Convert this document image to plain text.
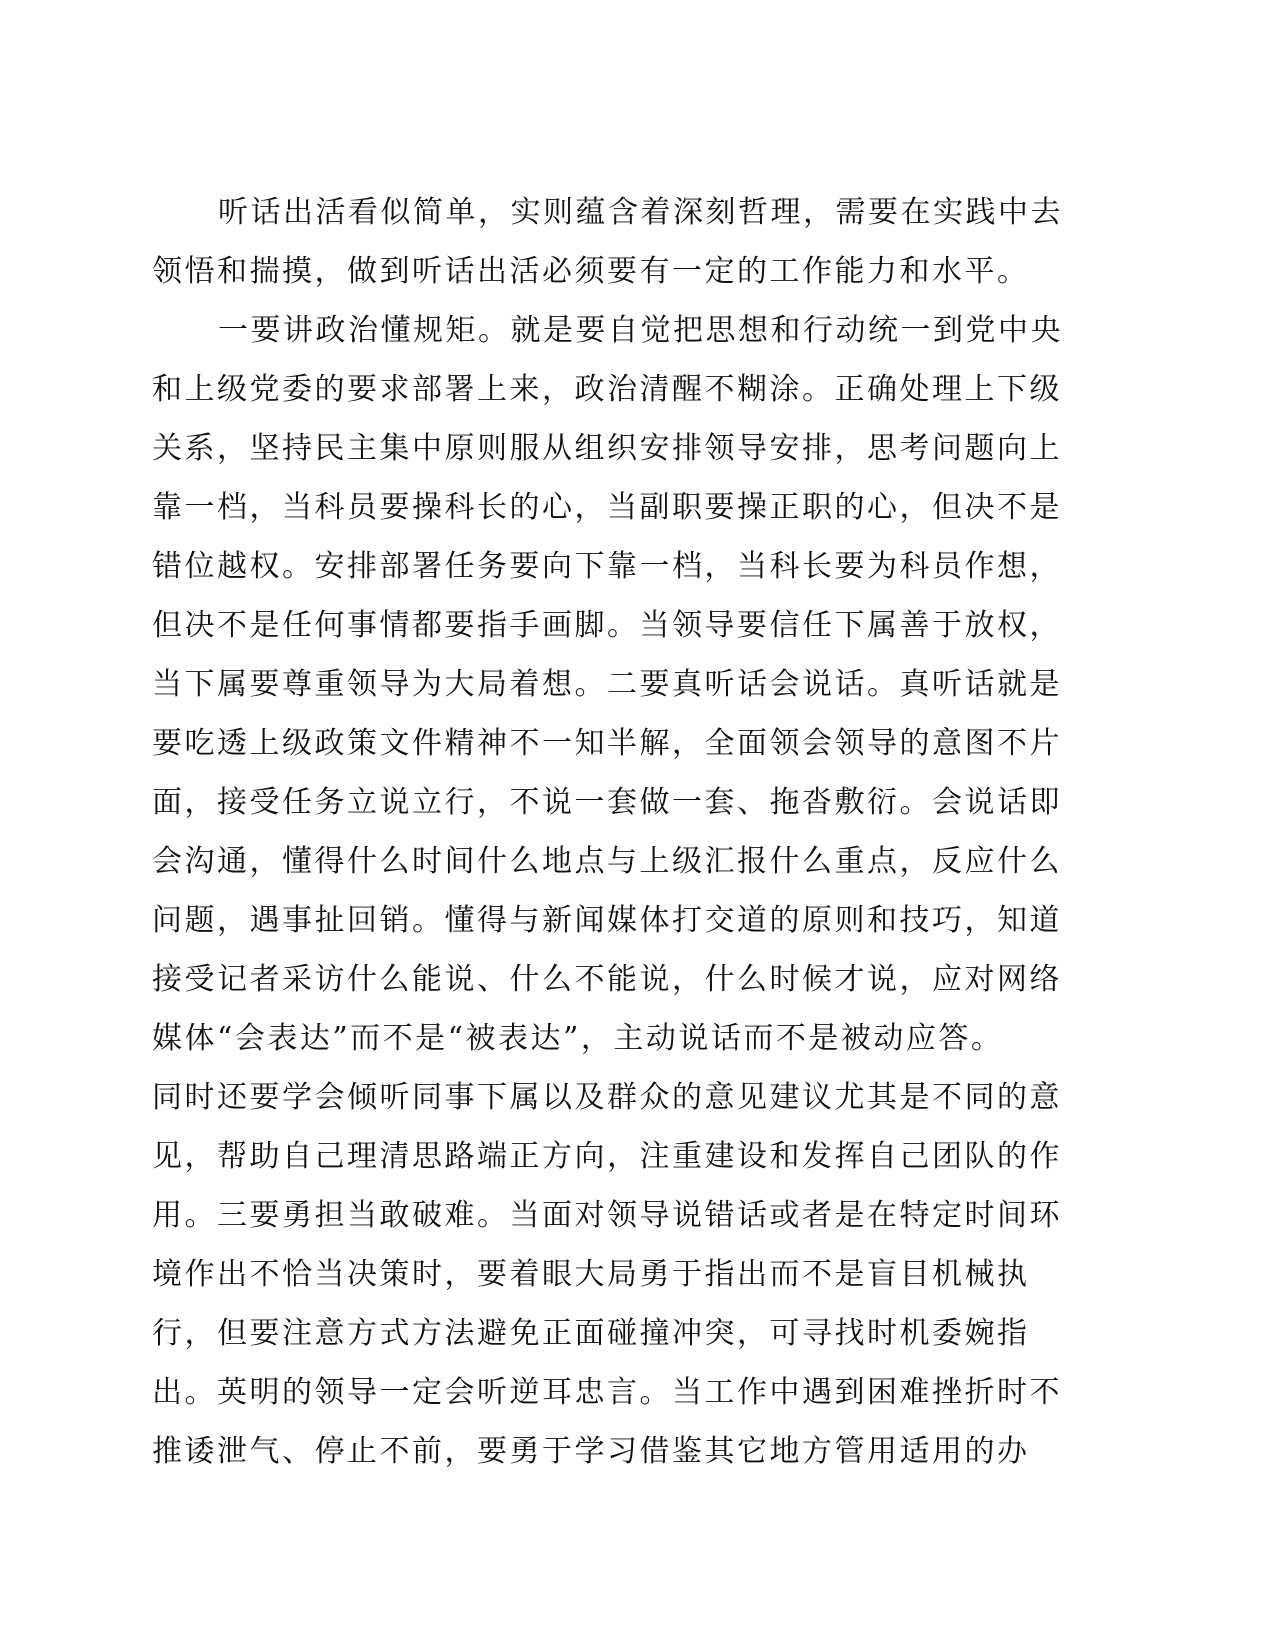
听话出活看似简单，实则蕴含着深刻哲理，需要在实践中去
领悟和揣摸，做到听话出活必须要有一定的工作能力和水平。
一要讲政治懂规矩。就是要自觉把思想和行动统一到党中央
和上级党委的要求部署上来，政治清醒不糊涂。正确处理上下级
关系，坚持民主集中原则服从组织安排领导安排，思考问题向上
靠一档，当科员要操科长的心，当副职要操正职的心，但决不是
错位越权。安排部署任务要向下靠一档，当科长要为科员作想，
但决不是任何事情都要指手画脚。当领导要信任下属善于放权，
当下属要尊重领导为大局着想。二要真听话会说话。真听话就是
要吃透上级政策文件精神不一知半解，全面领会领导的意图不片
面，接受任务立说立行，不说一套做一套、拖沓敷衍。会说话即
会沟通，懂得什么时间什么地点与上级汇报什么重点，反应什么
问题，遇事扯回销。懂得与新闻媒体打交道的原则和技巧，知道
接受记者采访什么能说、什么不能说，什么时候才说，应对网络
媒体“会表达”而不是“被表达”，主动说话而不是被动应答。
同时还要学会倾听同事下属以及群众的意见建议尤其是不同的意
见，帮助自己理清思路端正方向，注重建设和发挥自己团队的作
用。三要勇担当敢破难。当面对领导说错话或者是在特定时间环
境作出不恰当决策时，要着眼大局勇于指出而不是盲目机械执
行，但要注意方式方法避免正面碰撞冲突，可寻找时机委婉指
出。英明的领导一定会听逆耳忠言。当工作中遇到困难挫折时不
推诿泄气、停止不前，要勇于学习借鉴其它地方管用适用的办
